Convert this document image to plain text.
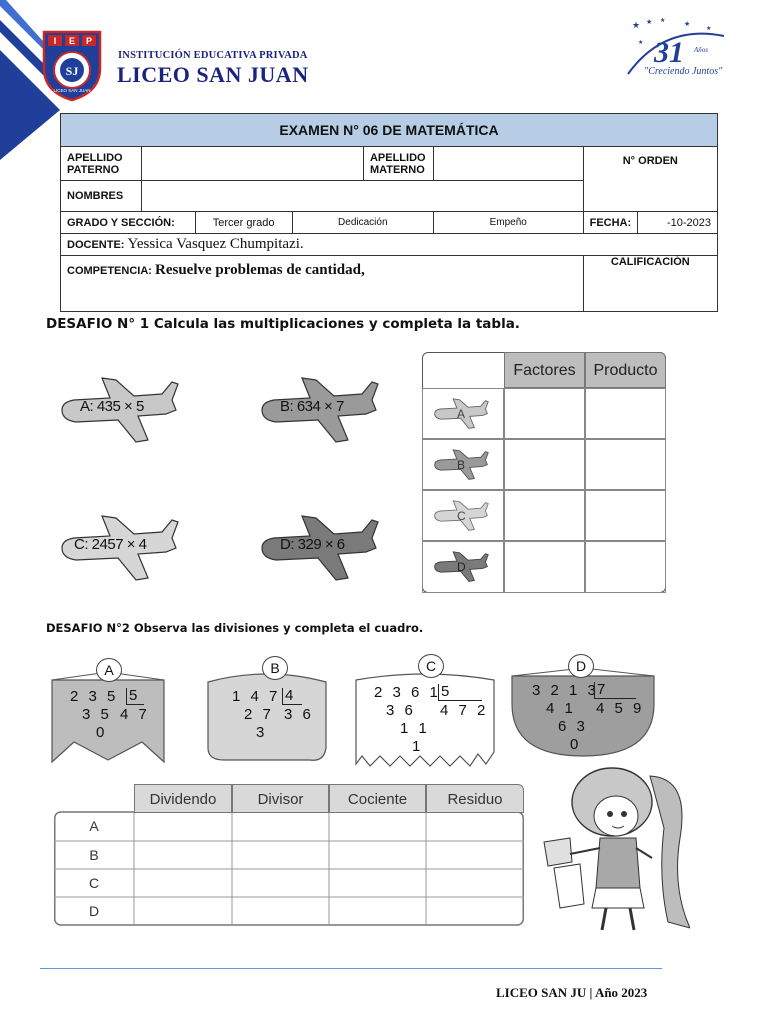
I E P
SJ
LICEO SAN JUAN
INSTITUCIÓN EDUCATIVA PRIVADA
LICEO SAN JUAN
★ ★ ★	★
★
★ 31 Años
"Creciendo Juntos"
EXAMEN N° 06 DE MATEMÁTICA							
APELLIDO PATERNO				APELLIDO MATERNO		N° ORDEN	
NOMBRES							
GRADO Y SECCIÓN:		Tercer grado	Dedicación		Empeño	FECHA:	-10-2023
DOCENTE: Yessica Vasquez Chumpitazi.							
COMPETENCIA: Resuelve problemas de cantidad,						CALIFICACIÓN	
DESAFIO N° 1 Calcula las multiplicaciones y completa la tabla.
A: 435 × 5	B: 634 × 7
C: 2457 × 4	D: 329 × 6
Factores	Producto
A
B
C
D
DESAFIO N°2 Observa las divisiones y completa el cuadro.
A
2 3 5 5
3 5 4 7
0
B
1 4 7 4
2 7 3 6
3
C
2 3 6 1 5
3 6 4 7 2
1 1
1
D
3 2 1 3
7
4 1 4 5 9
6 3
0
Dividendo	Divisor	Cociente	Residuo
A
B
C
D
LICEO SAN JU | Año 2023
